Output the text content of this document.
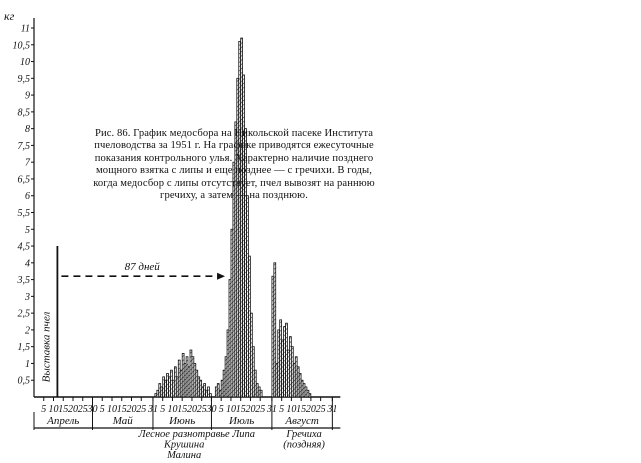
кг
0,5
1
1,5
2
2,5
3
3,5
4
4,5
5
5,5
6
6,5
7
7,5
8
8,5
9
9,5
10
10,5
11
5 10 15 20 25 30
Апрель
5 10 15 20 25 31
Май
5 10 15 20 25 30
Июнь
5 10 15 20 25 31
Июль
5 10 15 20 25 31
Август
Лесное разнотравье
Крушина
Малина
Липа	Гречиха
(поздняя)
Выставка пчел
87 дней
Рис. 86. График медосбора на Никольской пасеке Института пчеловодства за 1951 г. На графике приводятся ежесуточные показания контрольного улья. Характерно наличие позднего мощного взятка с липы и еще позднее — с гречихи. В годы, когда медосбор с липы отсутствует, пчел вывозят на раннюю гречиху, а затем — на позднюю.
